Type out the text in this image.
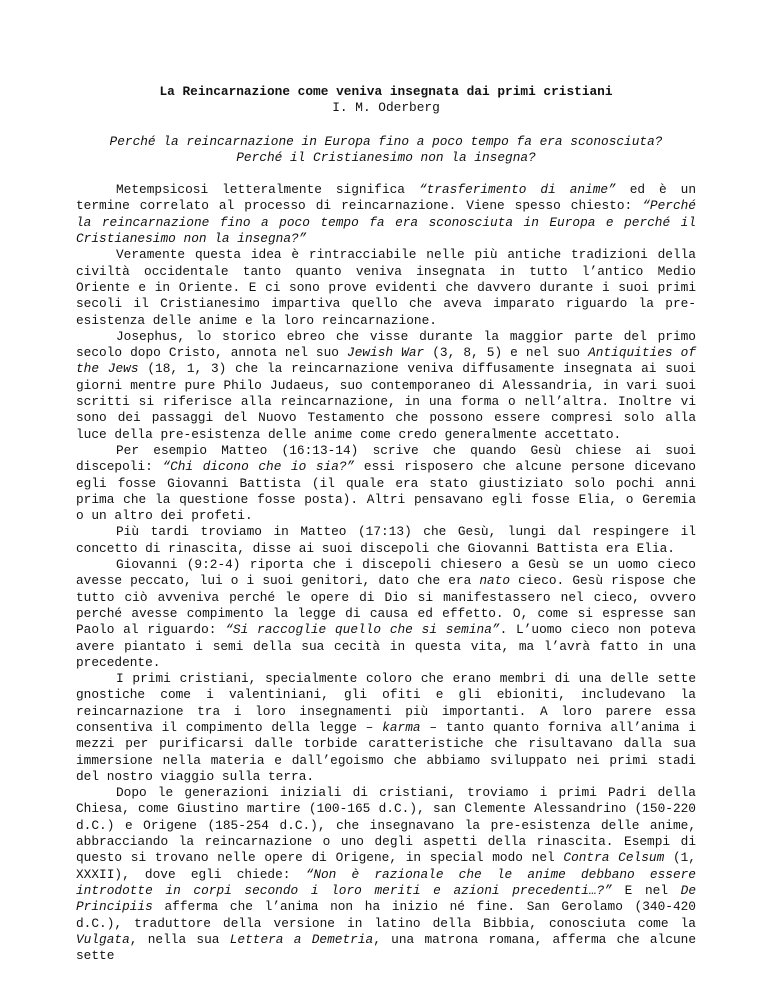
La Reincarnazione come veniva insegnata dai primi cristiani
I. M. Oderberg
Perché la reincarnazione in Europa fino a poco tempo fa era sconosciuta?
Perché il Cristianesimo non la insegna?

Metempsicosi letteralmente significa “trasferimento di anime” ed è un termine correlato al processo di reincarnazione. Viene spesso chiesto: “Perché la reincarnazione fino a poco tempo fa era sconosciuta in Europa e perché il Cristianesimo non la insegna?”

Veramente questa idea è rintracciabile nelle più antiche tradizioni della civiltà occidentale tanto quanto veniva insegnata in tutto l’antico Medio Oriente e in Oriente. E ci sono prove evidenti che davvero durante i suoi primi secoli il Cristianesimo impartiva quello che aveva imparato riguardo la pre-esistenza delle anime e la loro reincarnazione.

Josephus, lo storico ebreo che visse durante la maggior parte del primo secolo dopo Cristo, annota nel suo Jewish War (3, 8, 5) e nel suo Antiquities of the Jews (18, 1, 3) che la reincarnazione veniva diffusamente insegnata ai suoi giorni mentre pure Philo Judaeus, suo contemporaneo di Alessandria, in vari suoi scritti si riferisce alla reincarnazione, in una forma o nell’altra. Inoltre vi sono dei passaggi del Nuovo Testamento che possono essere compresi solo alla luce della pre-esistenza delle anime come credo generalmente accettato.

Per esempio Matteo (16:13-14) scrive che quando Gesù chiese ai suoi discepoli: “Chi dicono che io sia?” essi risposero che alcune persone dicevano egli fosse Giovanni Battista (il quale era stato giustiziato solo pochi anni prima che la questione fosse posta). Altri pensavano egli fosse Elia, o Geremia o un altro dei profeti.

Più tardi troviamo in Matteo (17:13) che Gesù, lungi dal respingere il concetto di rinascita, disse ai suoi discepoli che Giovanni Battista era Elia.

Giovanni (9:2-4) riporta che i discepoli chiesero a Gesù se un uomo cieco avesse peccato, lui o i suoi genitori, dato che era nato cieco. Gesù rispose che tutto ciò avveniva perché le opere di Dio si manifestassero nel cieco, ovvero perché avesse compimento la legge di causa ed effetto. O, come si espresse san Paolo al riguardo: “Si raccoglie quello che si semina”. L’uomo cieco non poteva avere piantato i semi della sua cecità in questa vita, ma l’avrà fatto in una precedente.

I primi cristiani, specialmente coloro che erano membri di una delle sette gnostiche come i valentiniani, gli ofiti e gli ebioniti, includevano la reincarnazione tra i loro insegnamenti più importanti. A loro parere essa consentiva il compimento della legge – karma – tanto quanto forniva all’anima i mezzi per purificarsi dalle torbide caratteristiche che risultavano dalla sua immersione nella materia e dall’egoismo che abbiamo sviluppato nei primi stadi del nostro viaggio sulla terra.

Dopo le generazioni iniziali di cristiani, troviamo i primi Padri della Chiesa, come Giustino martire (100-165 d.C.), san Clemente Alessandrino (150-220 d.C.) e Origene (185-254 d.C.), che insegnavano la pre-esistenza delle anime, abbracciando la reincarnazione o uno degli aspetti della rinascita. Esempi di questo si trovano nelle opere di Origene, in special modo nel Contra Celsum (1, XXXII), dove egli chiede: “Non è razionale che le anime debbano essere introdotte in corpi secondo i loro meriti e azioni precedenti…?” E nel De Principiis afferma che l’anima non ha inizio né fine. San Gerolamo (340-420 d.C.), traduttore della versione in latino della Bibbia, conosciuta come la Vulgata, nella sua Lettera a Demetria, una matrona romana, afferma che alcune sette
